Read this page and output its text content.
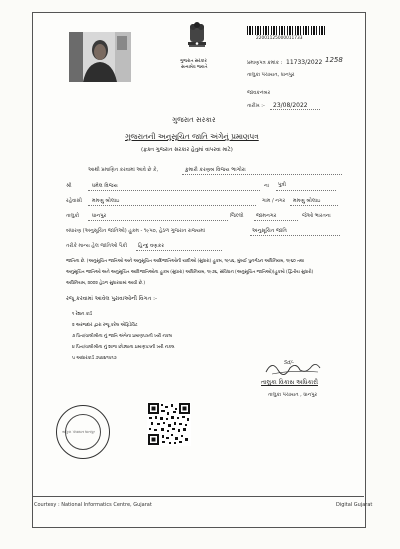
ગુજરાત સરકાર
સત્યમેવ જયતે
22001125000011733
પ્રમાણપત્ર ક્રમાંક : 11733/2022 1258
તાલુકા પંચાયત, ધાનપુર
જાવકનંબર
તારીખ :- 23/08/2022
ગુજરાત સરકાર
ગુજરાતની અનુસૂચિત જાતિ અંગેનું પ્રમાણપત્ર
(ફક્ત ગુજરાત સરકાર હેતુમાં વાપરવા માટે)
આથી પ્રમાણિત કરવામાં આવે છે કે,	કુમારી કરણબ વિજય ભાગોરા
શ્રી	ધમેલ વિજય	ના પુત્રી
રહેવાસી મમણુ બોલાઇ	ગામ / નગર મમણુ બોલાઇ
તાલુકો ધાનપુર	જિલ્લો જામનગર	જેઓ ભારતના
બંધારણ (અનુસૂચિત જાતિઓ) હુકમ - ૧૯૫૦, હેઠળ ગુજરાત રાજ્યમાં	અનુસૂચિત જાતિ
તરીકે માન્ય હેલ જાતિઓ પૈકી હિન્દુ વણકર
જાતિના છે. (અનુસૂચિત જાતિઓ અને અનુસૂચિત આદિજાતિઓની યાદીઓ (સુધારા) હુકમ, ૧૯૫૬, મુંબઈ પુનર્ગઠન અધિનિયમ, ૧૯૬૦ તથા
અનુસૂચિત જાતિઓ અને અનુસૂચિત આદિજાતિઓના હુકમ (સુધારા) અધિનિયમ, ૧૯૭૬, સંવિધાન (અનુસૂચિત જાતિઓ)(હુકમો (દ્વિતીય સુધારો)
અધિનિયમ, ૨૦૦૨ હેઠળ સુધારવામાં આવી છે.)
રજૂ કરવામાં આવેલ પુરાવાઓની વિગત :-
૧ રેશન કાર્ડ
૨ અરજદાર દ્વારા રજૂ કરેલ એફિડેવિટ
૩ પિતા/વાલીશ્રીના નું જાતિ અંગેના પ્રમાણપત્રની ખરી નકલ
૪ પિતા/વાલીશ્રીના નું શાળા છોડ્યાના પ્રમાણપત્રની ખરી નકલ
૫ આધારકાર્ડ ૭૫૪૪૧૫૧૭
તાલુકા પંચાયત ધાનપુર
Sd/-
તાલુકા વિકાસ અધિકારી
તાલુકા પંચાયત , ધાનપુર
Courtesy : National Informatics Centre, Gujarat	Digital Gujarat
